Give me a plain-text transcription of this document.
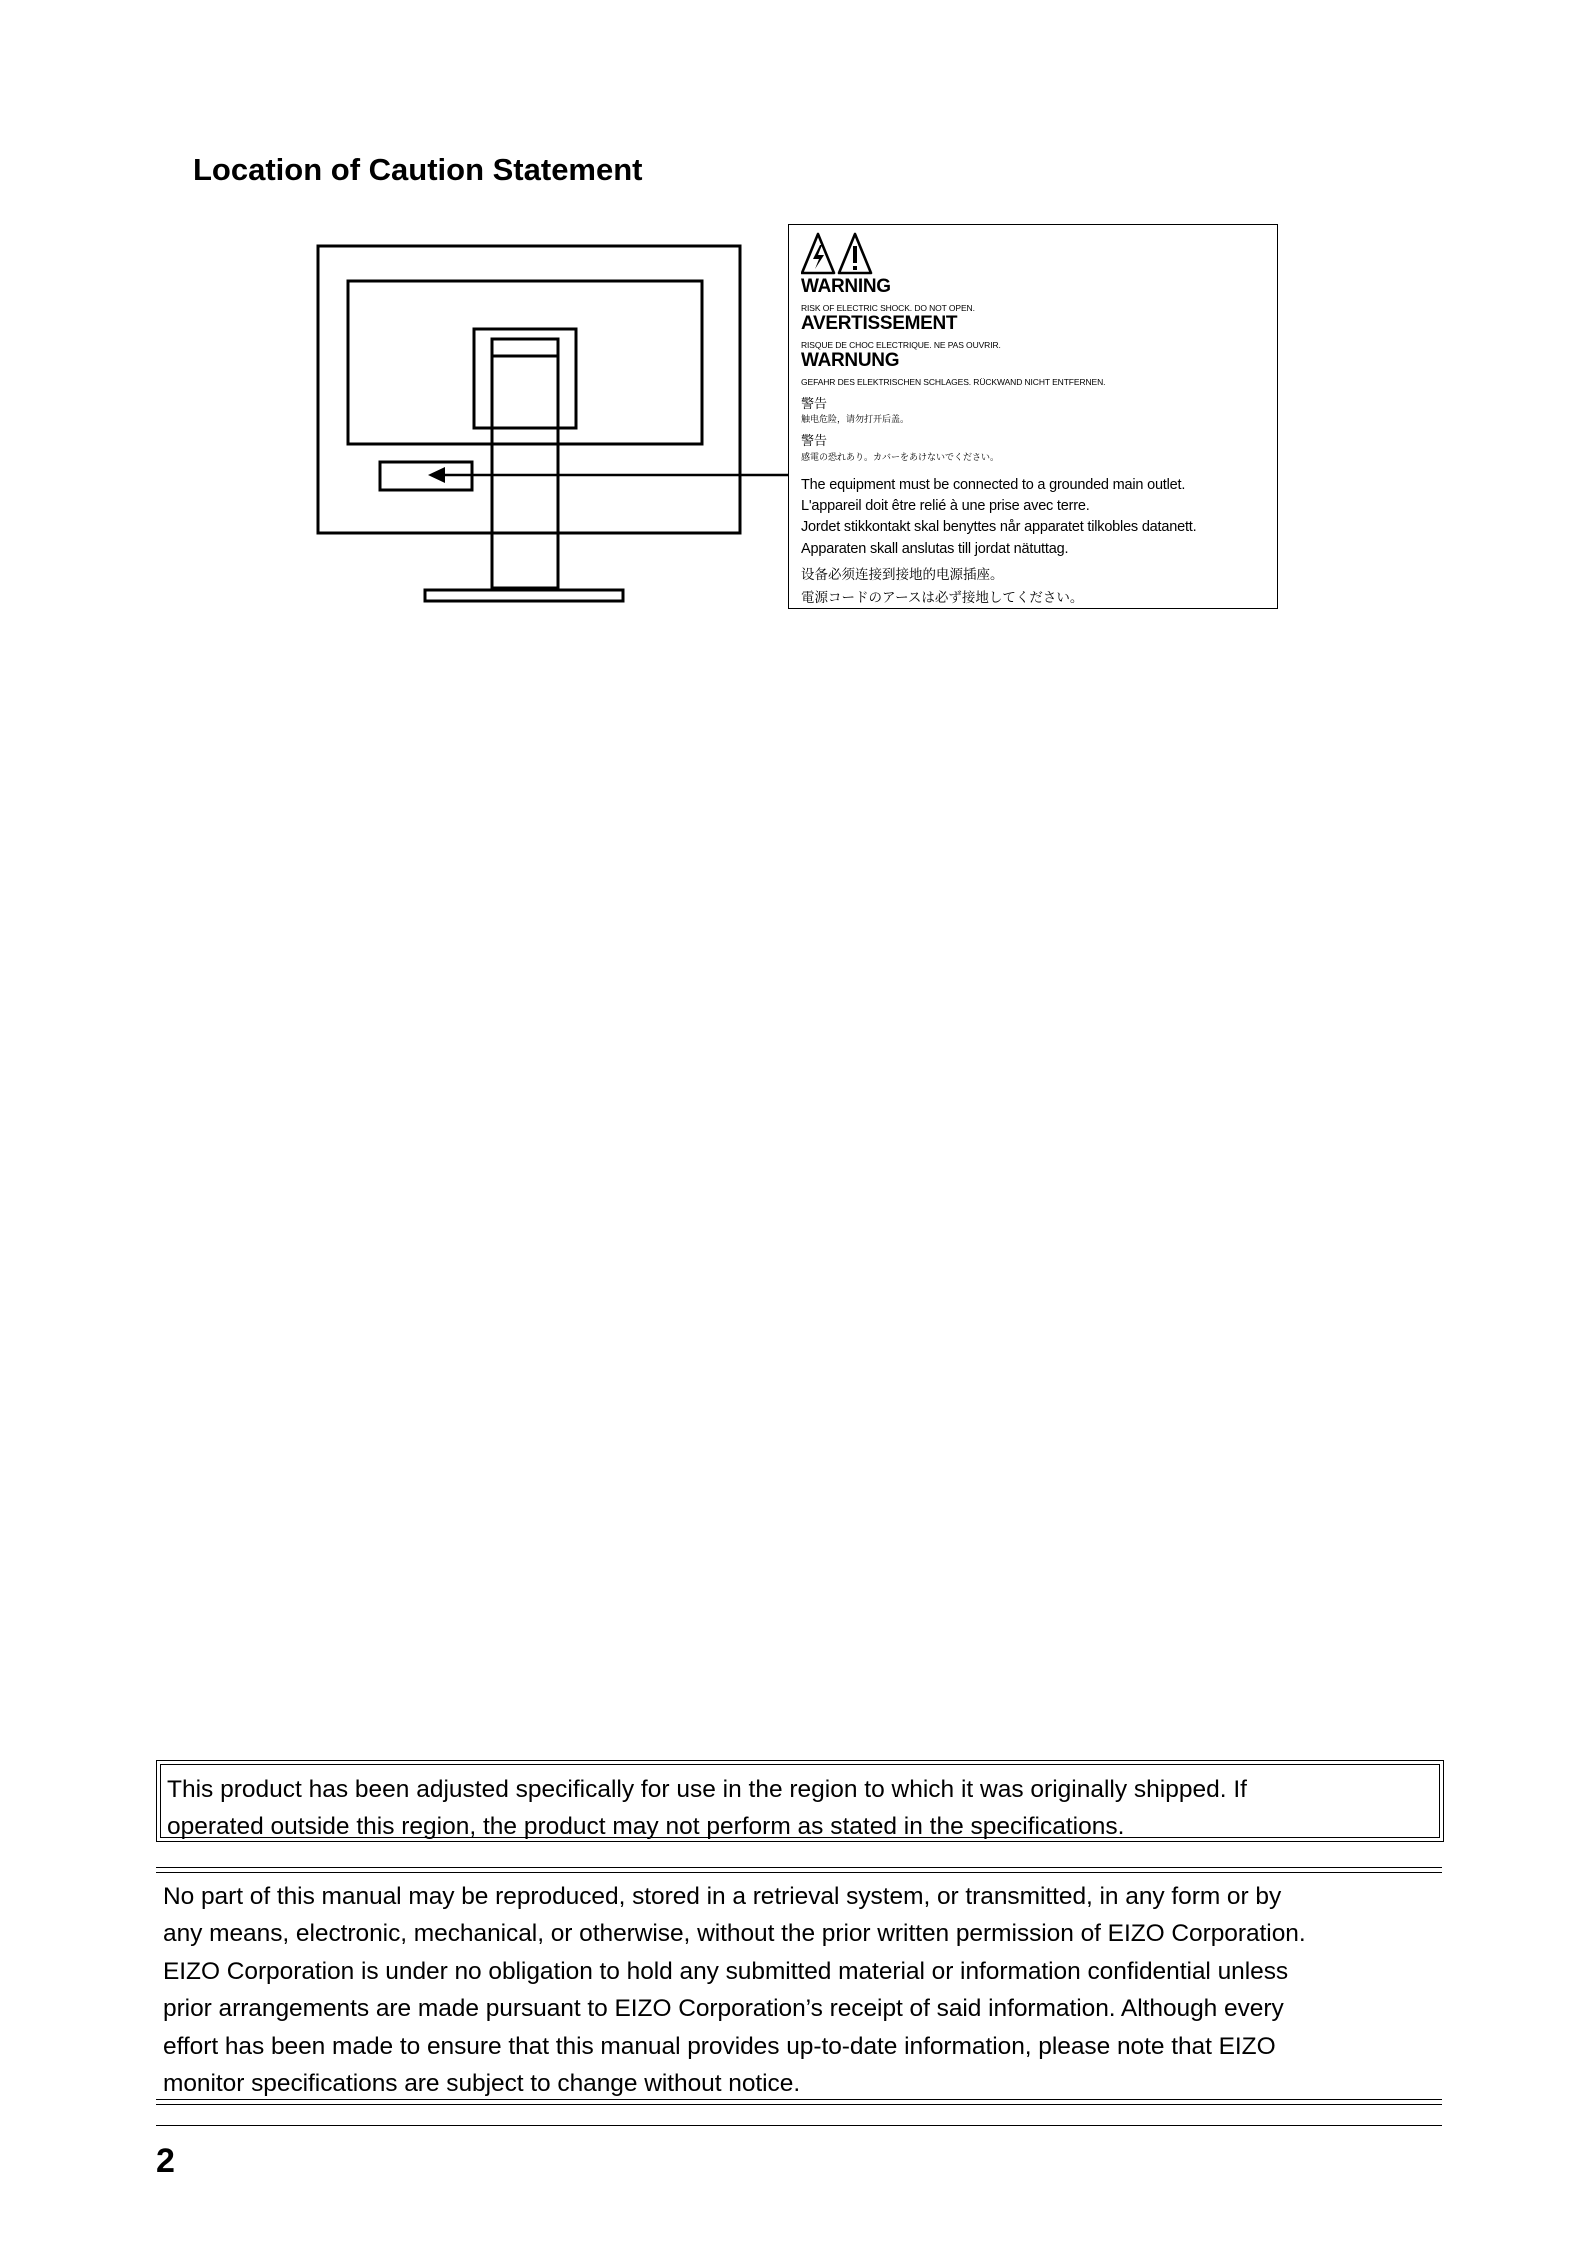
Location of Caution Statement
WARNING
RISK OF ELECTRIC SHOCK. DO NOT OPEN.
AVERTISSEMENT
RISQUE DE CHOC ELECTRIQUE. NE PAS OUVRIR.
WARNUNG
GEFAHR DES ELEKTRISCHEN SCHLAGES. RÜCKWAND NICHT ENTFERNEN.
警告
触电危险，请勿打开后盖。
警告
感電の恐れあり。カバーをあけないでください。
The equipment must be connected to a grounded main outlet.
L'appareil doit être relié à une prise avec terre.
Jordet stikkontakt skal benyttes når apparatet tilkobles datanett.
Apparaten skall anslutas till jordat nätuttag.
设备必须连接到接地的电源插座。
電源コードのアースは必ず接地してください。
This product has been adjusted specifically for use in the region to which it was originally shipped. If
operated outside this region, the product may not perform as stated in the specifications.
No part of this manual may be reproduced, stored in a retrieval system, or transmitted, in any form or by
any means, electronic, mechanical, or otherwise, without the prior written permission of EIZO Corporation.
EIZO Corporation is under no obligation to hold any submitted material or information confidential unless
prior arrangements are made pursuant to EIZO Corporation’s receipt of said information. Although every
effort has been made to ensure that this manual provides up-to-date information, please note that EIZO
monitor specifications are subject to change without notice.
2
